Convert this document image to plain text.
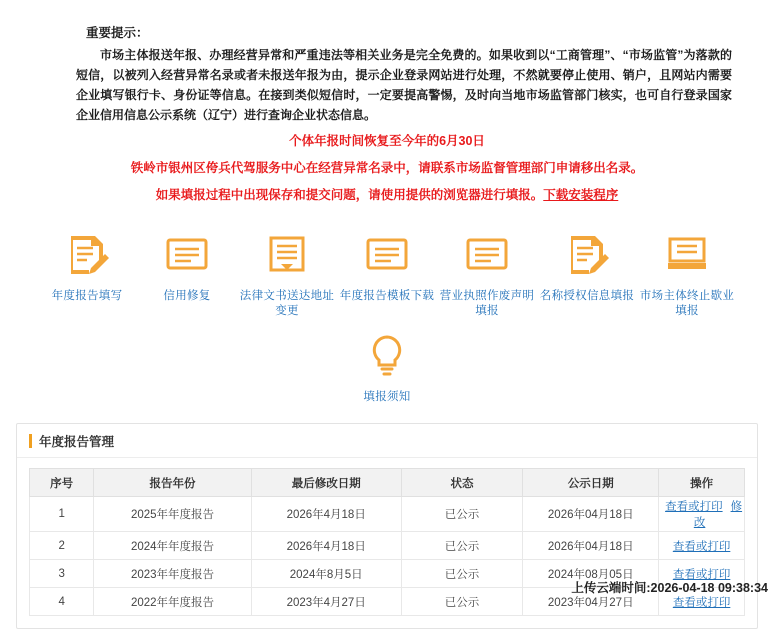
重要提示：
市场主体报送年报、办理经营异常和严重违法等相关业务是完全免费的。如果收到以“工商管理”、“市场监管”为落款的短信，以被列入经营异常名录或者未报送年报为由，提示企业登录网站进行处理，不然就要停止使用、销户，且网站内需要企业填写银行卡、身份证等信息。在接到类似短信时，一定要提高警惕，及时向当地市场监管部门核实，也可自行登录国家企业信用信息公示系统（辽宁）进行查询企业状态信息。
个体年报时间恢复至今年的6月30日
铁岭市银州区侉兵代驾服务中心在经营异常名录中，请联系市场监督管理部门申请移出名录。
如果填报过程中出现保存和提交问题，请使用提供的浏览器进行填报。下载安装程序
年度报告填写	信用修复	法律文书送达地址变更
年度报告模板下载 营业执照作废声明填报
名称授权信息填报 市场主体终止歇业填报
填报须知
年度报告管理
序号	报告年份	最后修改日期	状态	公示日期	操作
1	2025年年度报告	2026年4月18日	已公示	2026年04月18日	查看或打印 修改
2	2024年年度报告	2026年4月18日	已公示	2026年04月18日	查看或打印
3	2023年年度报告	2024年8月5日	已公示	2024年08月05日	查看或打印
4	2022年年度报告	2023年4月27日	已公示	2023年04月27日	查看或打印
上传云端时间:2026-04-18 09:38:34
